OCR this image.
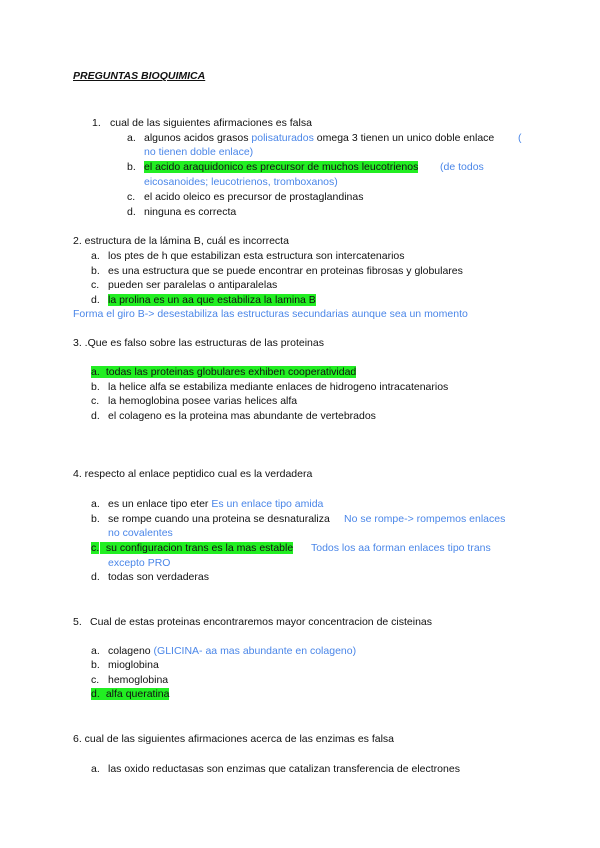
PREGUNTAS BIOQUIMICA
1. cual de las siguientes afirmaciones es falsa
a. algunos acidos grasos polisaturados omega 3 tienen un unico doble enlace (
no tienen doble enlace)
b. el acido araquidonico es precursor de muchos leucotrienos (de todos
eicosanoides; leucotrienos, tromboxanos)
c. el acido oleico es precursor de prostaglandinas
d. ninguna es correcta
2. estructura de la lámina B, cuál es incorrecta
a. los ptes de h que estabilizan esta estructura son intercatenarios
b. es una estructura que se puede encontrar en proteinas fibrosas y globulares
c. pueden ser paralelas o antiparalelas
d. la prolina es un aa que estabiliza la lamina B
Forma el giro B-> desestabiliza las estructuras secundarias aunque sea un momento
3. .Que es falso sobre las estructuras de las proteinas
a. todas las proteinas globulares exhiben cooperatividad
b. la helice alfa se estabiliza mediante enlaces de hidrogeno intracatenarios
c. la hemoglobina posee varias helices alfa
d. el colageno es la proteina mas abundante de vertebrados
4. respecto al enlace peptidico cual es la verdadera
a. es un enlace tipo eter Es un enlace tipo amida
b. se rompe cuando una proteina se desnaturaliza No se rompe-> rompemos enlaces
no covalentes
c. su configuracion trans es la mas estable Todos los aa forman enlaces tipo trans
excepto PRO
d. todas son verdaderas
5. Cual de estas proteinas encontraremos mayor concentracion de cisteinas
a. colageno (GLICINA- aa mas abundante en colageno)
b. mioglobina
c. hemoglobina
d. alfa queratina
6. cual de las siguientes afirmaciones acerca de las enzimas es falsa
a. las oxido reductasas son enzimas que catalizan transferencia de electrones
